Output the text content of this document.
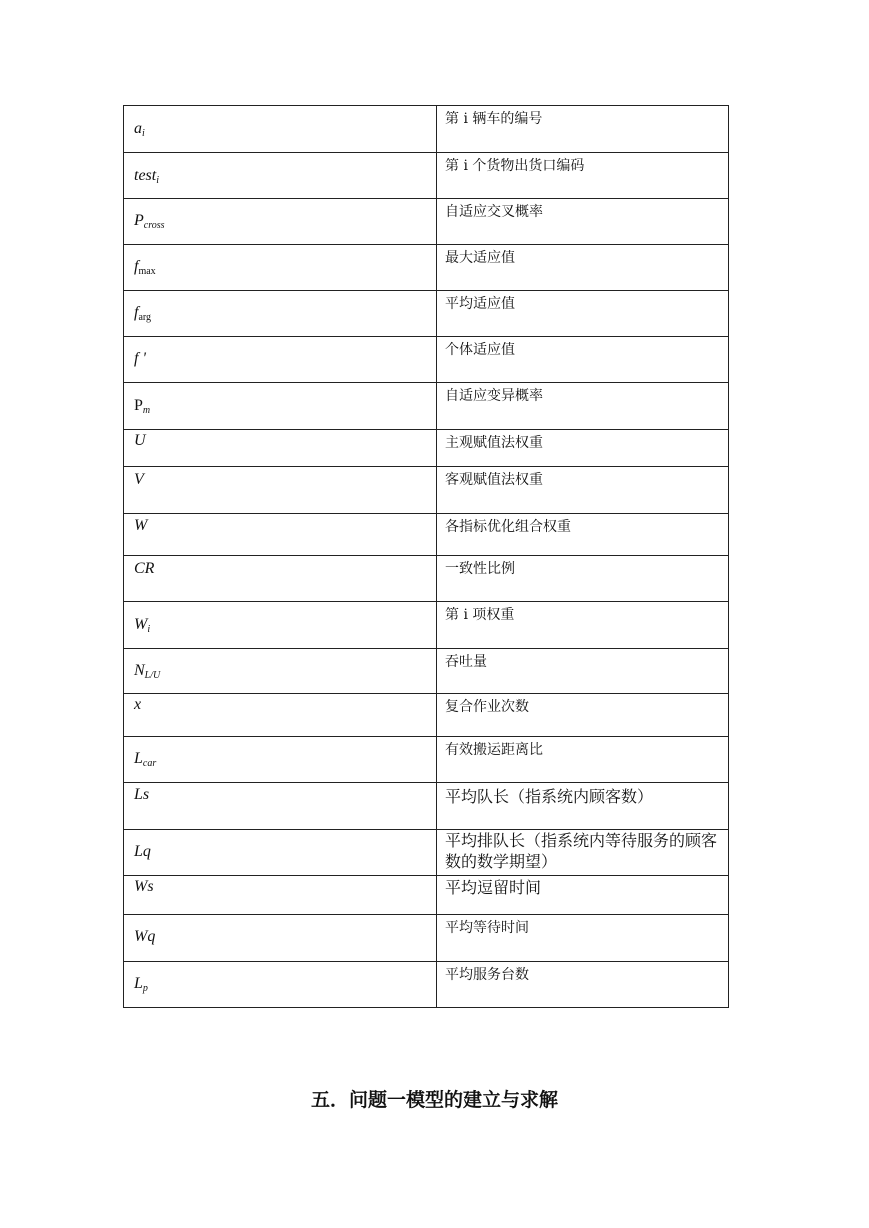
$a_i$	第 i 辆车的编号
test$_i$	第 i 个货物出货口编码
$P_{cross}$	自适应交叉概率
$f_{max}$	最大适应值
$f_{arg}$	平均适应值
f '	个体适应值
$P_m$	自适应变异概率
U	主观赋值法权重
V	客观赋值法权重
W	各指标优化组合权重
CR	一致性比例
$W_i$	第 i 项权重
$N_{L/U}$	吞吐量
x	复合作业次数
$L_{car}$	有效搬运距离比
Ls	平均队长（指系统内顾客数）
Lq	平均排队长（指系统内等待服务的顾客数的数学期望）
Ws	平均逗留时间
Wq	平均等待时间
$L_p$	平均服务台数
五．问题一模型的建立与求解
